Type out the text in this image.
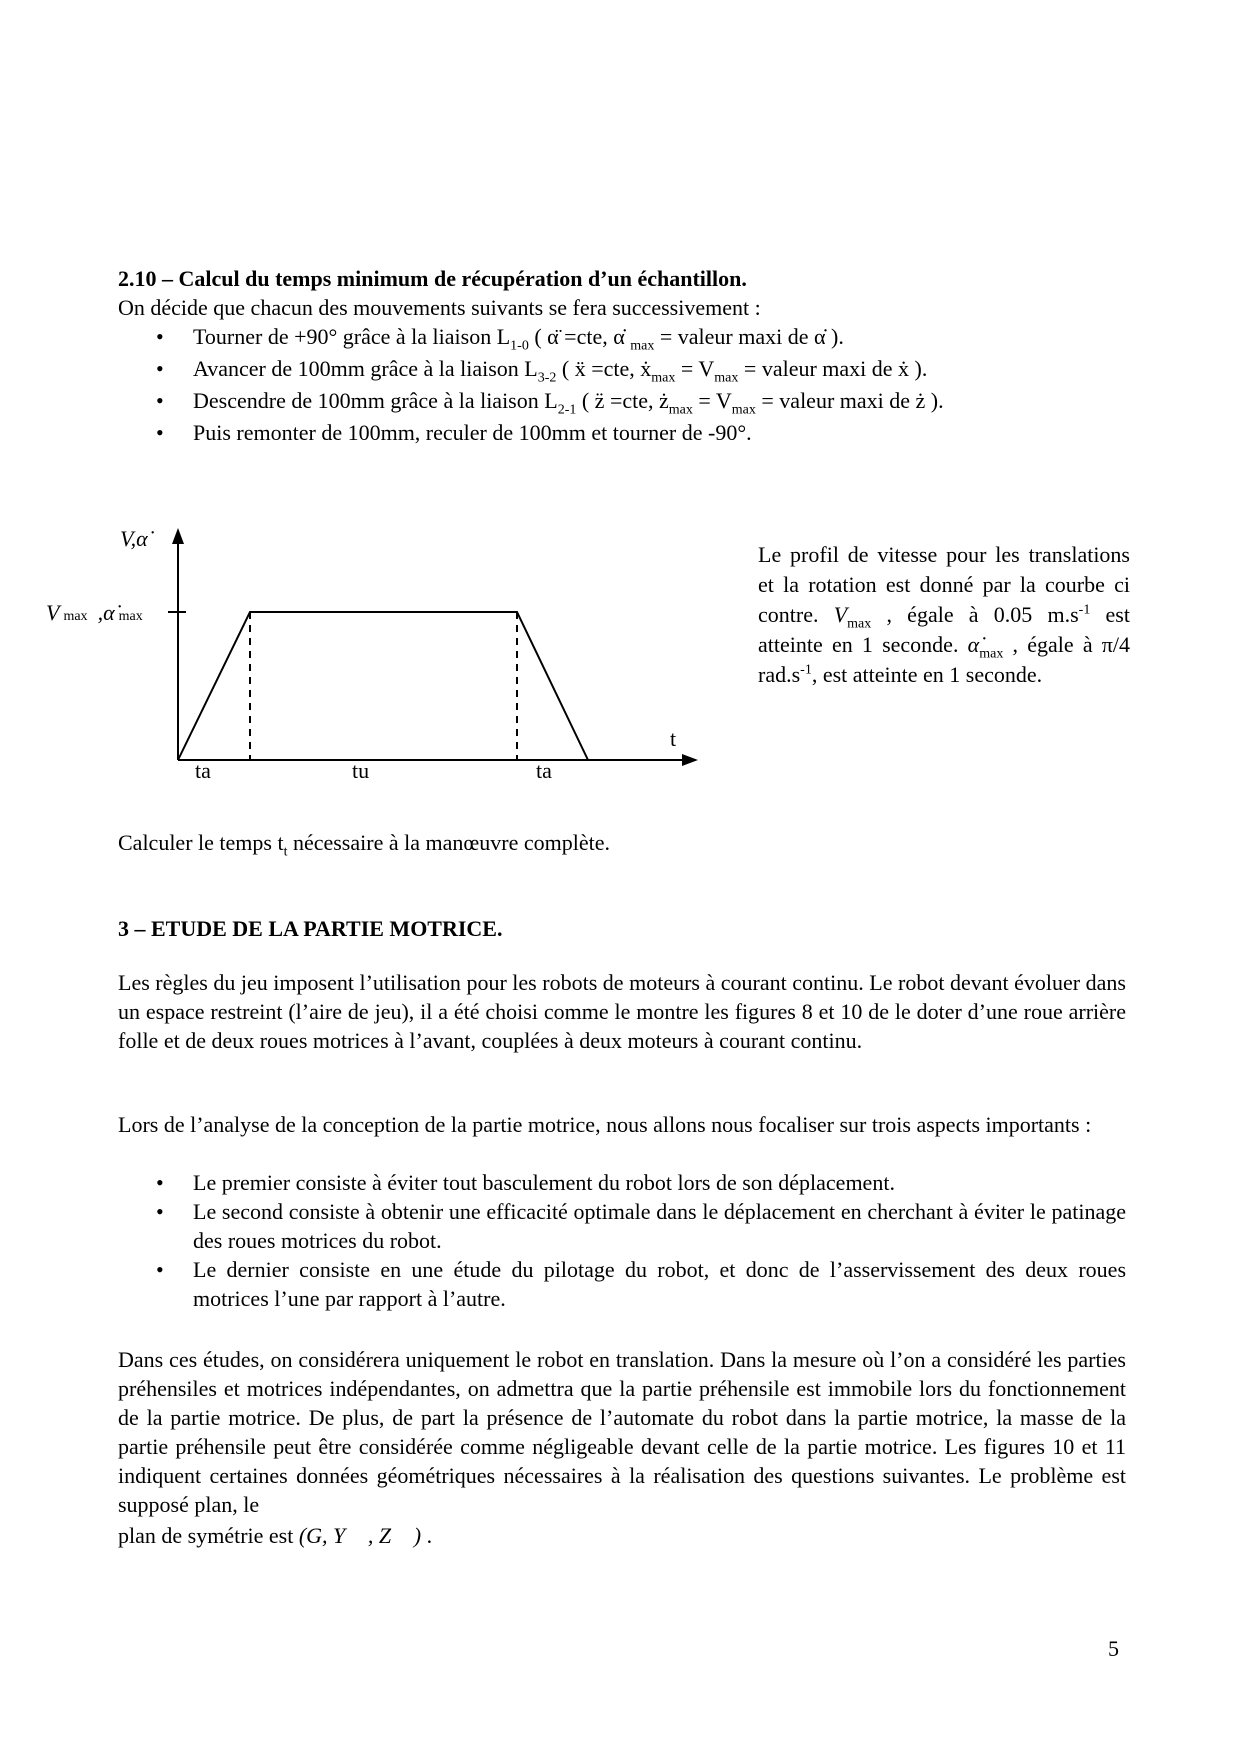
2.10 – Calcul du temps minimum de récupération d’un échantillon.
On décide que chacun des mouvements suivants se fera successivement :
• Tourner de +90° grâce à la liaison $L_{1-0}$ ( α̈ =cte, α̇ $_{max}$ = valeur maxi de α̇ ).
• Avancer de 100mm grâce à la liaison $L_{3-2}$ ( ẍ =cte, ẋ$_{max}$ = $V_{max}$ = valeur maxi de ẋ ).
• Descendre de 100mm grâce à la liaison $L_{2-1}$ ( z̈ =cte, $ż_{max} = V_{max}$ = valeur maxi de ż ).
• Puis remonter de 100mm, reculer de 100mm et tourner de -90°.
V,α̇
Vmax ,α̇ max
t
ta	tu	ta
Le profil de vitesse pour les translations et la rotation est donné par la courbe ci contre. $V_{max}$ , égale à 0.05 $m.s^{-1}$ est atteinte en 1 seconde. $\alphȧ_{max}$ , égale à π/4 $rad.s^{-1}$, est atteinte en 1 seconde.
Calculer le temps $t_t$ nécessaire à la manœuvre complète.
3 – ETUDE DE LA PARTIE MOTRICE.
Les règles du jeu imposent l’utilisation pour les robots de moteurs à courant continu. Le robot devant évoluer dans un espace restreint (l’aire de jeu), il a été choisi comme le montre les figures 8 et 10 de le doter d’une roue arrière folle et de deux roues motrices à l’avant, couplées à deux moteurs à courant continu.
Lors de l’analyse de la conception de la partie motrice, nous allons nous focaliser sur trois aspects importants :
• Le premier consiste à éviter tout basculement du robot lors de son déplacement.
• Le second consiste à obtenir une efficacité optimale dans le déplacement en cherchant à éviter le patinage des roues motrices du robot.
• Le dernier consiste en une étude du pilotage du robot, et donc de l’asservissement des deux roues motrices l’une par rapport à l’autre.
Dans ces études, on considérera uniquement le robot en translation. Dans la mesure où l’on a considéré les parties préhensiles et motrices indépendantes, on admettra que la partie préhensile est immobile lors du fonctionnement de la partie motrice. De plus, de part la présence de l’automate du robot dans la partie motrice, la masse de la partie préhensile peut être considérée comme négligeable devant celle de la partie motrice. Les figures 10 et 11 indiquent certaines données géométriques nécessaires à la réalisation des questions suivantes. Le problème est supposé plan, le
plan de symétrie est (G, Y⃗ , Z⃗ ) .
5
